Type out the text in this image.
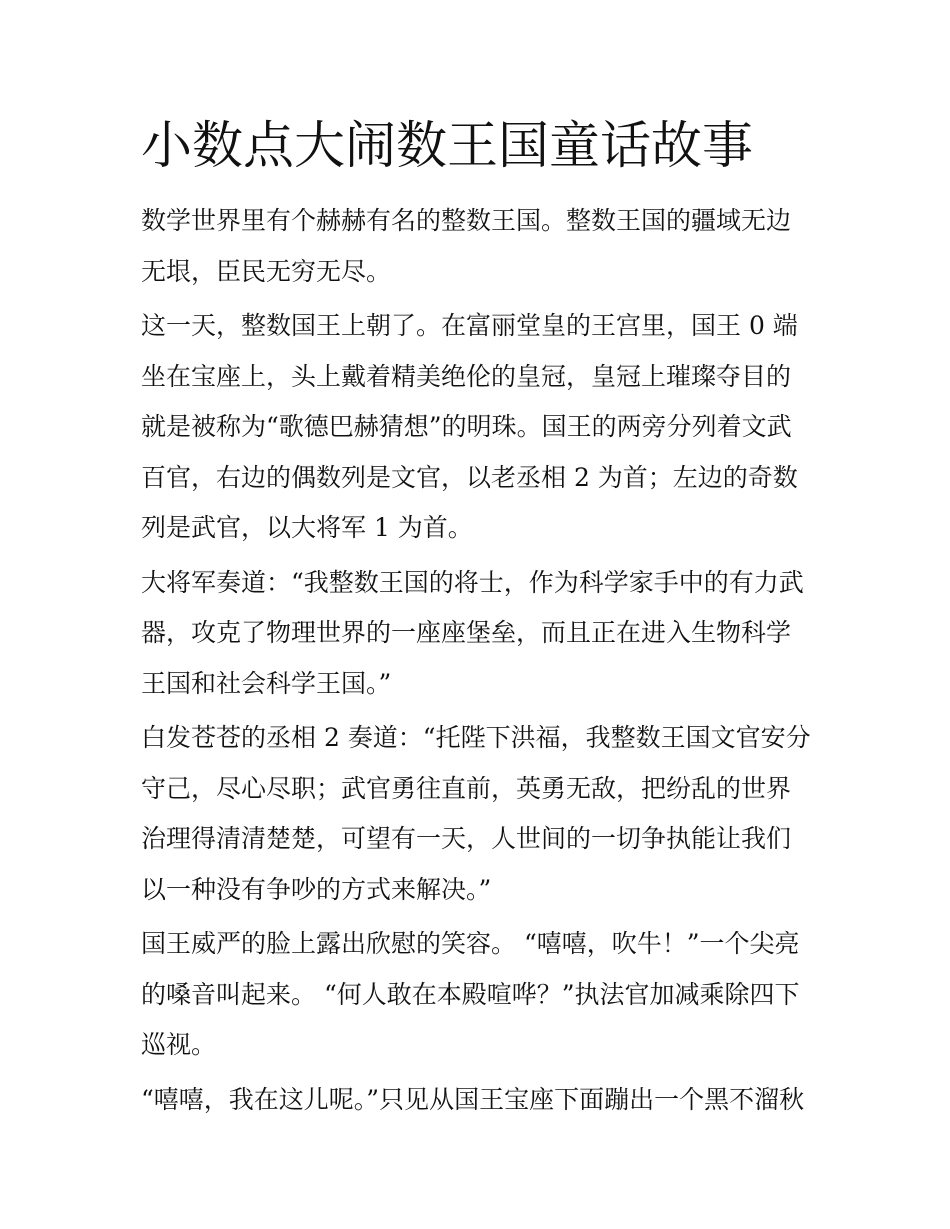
小数点大闹数王国童话故事

数学世界里有个赫赫有名的整数王国。整数王国的疆域无边无垠，臣民无穷无尽。

这一天，整数国王上朝了。在富丽堂皇的王宫里，国王 0 端坐在宝座上，头上戴着精美绝伦的皇冠，皇冠上璀璨夺目的就是被称为“歌德巴赫猜想”的明珠。国王的两旁分列着文武百官，右边的偶数列是文官，以老丞相 2 为首；左边的奇数列是武官，以大将军 1 为首。

大将军奏道：“我整数王国的将士，作为科学家手中的有力武器，攻克了物理世界的一座座堡垒，而且正在进入生物科学王国和社会科学王国。”

白发苍苍的丞相 2 奏道：“托陛下洪福，我整数王国文官安分守己，尽心尽职；武官勇往直前，英勇无敌，把纷乱的世界治理得清清楚楚，可望有一天，人世间的一切争执能让我们以一种没有争吵的方式来解决。”

国王威严的脸上露出欣慰的笑容。 “嘻嘻，吹牛！”一个尖亮的嗓音叫起来。 “何人敢在本殿喧哗？”执法官加减乘除四下巡视。

“嘻嘻，我在这儿呢。”只见从国王宝座下面蹦出一个黑不溜秋
